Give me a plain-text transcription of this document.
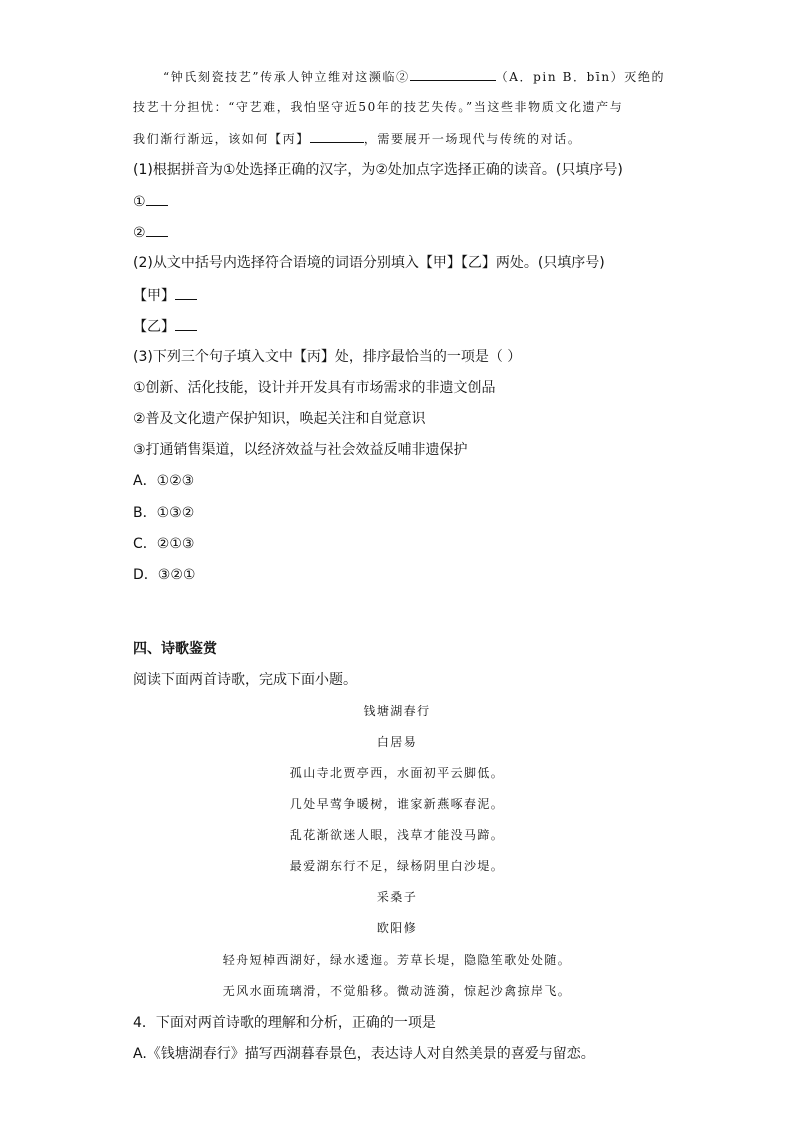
“钟氏刻瓷技艺”传承人钟立维对这濒临②	（A．pin B．bīn）灭绝的
技艺十分担忧：“守艺难，我怕坚守近50年的技艺失传。”当这些非物质文化遗产与
我们渐行渐远，该如何【丙】	，需要展开一场现代与传统的对话。
(1)根据拼音为①处选择正确的汉字，为②处加点字选择正确的读音。(只填序号)
①
②
(2)从文中括号内选择符合语境的词语分别填入【甲】【乙】两处。(只填序号)
【甲】
【乙】
(3)下列三个句子填入文中【丙】处，排序最恰当的一项是（ ）
①创新、活化技能，设计并开发具有市场需求的非遗文创品
②普及文化遗产保护知识，唤起关注和自觉意识
③打通销售渠道，以经济效益与社会效益反哺非遗保护
A．①②③
B．①③②
C．②①③
D．③②①
四、诗歌鉴赏
阅读下面两首诗歌，完成下面小题。
钱塘湖春行
白居易
孤山寺北贾亭西，水面初平云脚低。
几处早莺争暖树，谁家新燕啄春泥。
乱花渐欲迷人眼，浅草才能没马蹄。
最爱湖东行不足，绿杨阴里白沙堤。
采桑子
欧阳修
轻舟短棹西湖好，绿水逶迤。芳草长堤，隐隐笙歌处处随。
无风水面琉璃滑，不觉船移。微动涟漪，惊起沙禽掠岸飞。
4．下面对两首诗歌的理解和分析，正确的一项是
A.《钱塘湖春行》描写西湖暮春景色，表达诗人对自然美景的喜爱与留恋。
